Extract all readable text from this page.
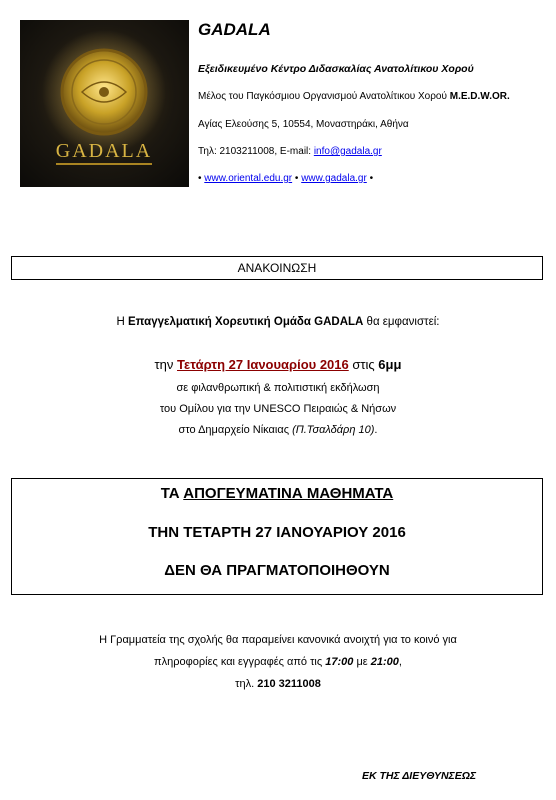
GADALA
GADALA
Εξειδικευμένο Κέντρο Διδασκαλίας Ανατολίτικου Χορού
Μέλος του Παγκόσμιου Οργανισμού Ανατολίτικου Χορού M.E.D.W.OR.
Αγίας Ελεούσης 5, 10554, Μοναστηράκι, Αθήνα
Τηλ: 2103211008, E-mail: info@gadala.gr
• www.oriental.edu.gr • www.gadala.gr •
ΑΝΑΚΟΙΝΩΣΗ
Η Επαγγελματική Χορευτική Ομάδα GADALA θα εμφανιστεί:
την Τετάρτη 27 Ιανουαρίου 2016 στις 6μμ
σε φιλανθρωπική & πολιτιστική εκδήλωση
του Ομίλου για την UNESCO Πειραιώς & Νήσων
στο Δημαρχείο Νίκαιας (Π.Τσαλδάρη 10).
ΤΑ ΑΠΟΓΕΥΜΑΤΙΝΑ ΜΑΘΗΜΑΤΑ
ΤΗΝ ΤΕΤΑΡΤΗ 27 ΙΑΝΟΥΑΡΙΟΥ 2016
ΔΕΝ ΘΑ ΠΡΑΓΜΑΤΟΠΟΙΗΘΟΥΝ
Η Γραμματεία της σχολής θα παραμείνει κανονικά ανοιχτή για το κοινό για
πληροφορίες και εγγραφές από τις 17:00 με 21:00,
τηλ. 210 3211008
ΕΚ ΤΗΣ ΔΙΕΥΘΥΝΣΕΩΣ
